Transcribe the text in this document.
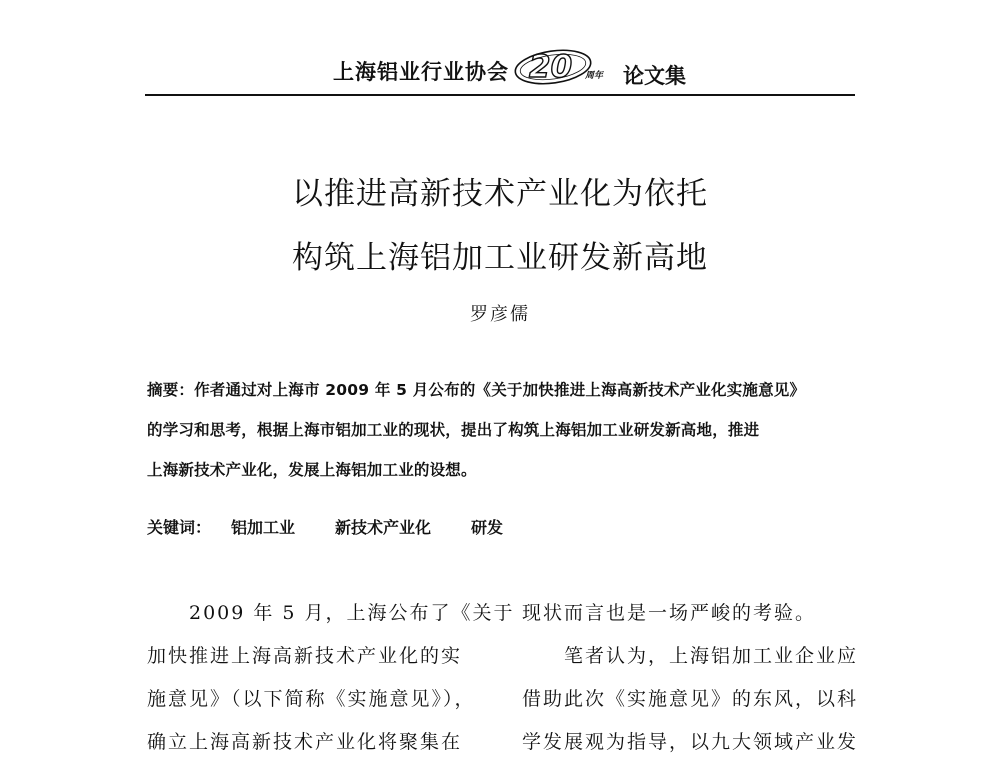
上海铝业行业协会 20 周年 论文集
以推进高新技术产业化为依托
构筑上海铝加工业研发新高地
罗彦儒
摘要：作者通过对上海市 2009 年 5 月公布的《关于加快推进上海高新技术产业化实施意见》
的学习和思考，根据上海市铝加工业的现状，提出了构筑上海铝加工业研发新高地，推进
上海新技术产业化，发展上海铝加工业的设想。
关键词： 铝加工业	新技术产业化	研发
2009 年 5 月，上海公布了《关于
加快推进上海高新技术产业化的实
施意见》（以下简称《实施意见》），
确立上海高新技术产业化将聚集在
现状而言也是一场严峻的考验。
笔者认为，上海铝加工业企业应
借助此次《实施意见》的东风，以科
学发展观为指导，以九大领域产业发
